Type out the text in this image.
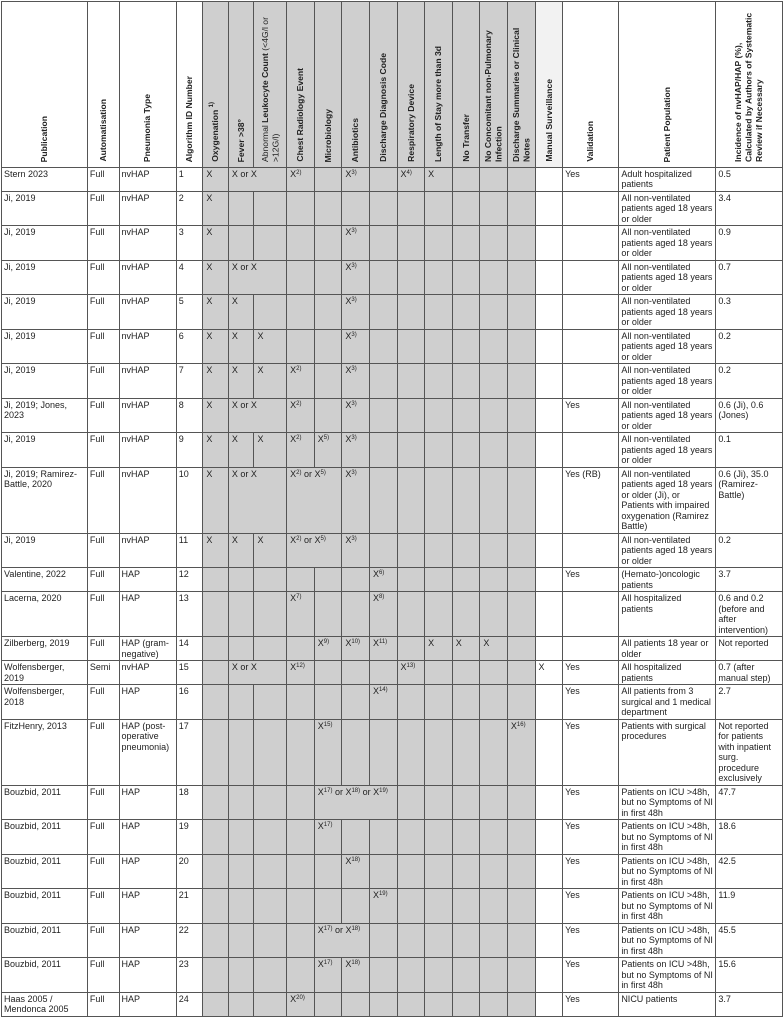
Publication	Automatisation	Pneumonia Type	Algorithm ID Number	Oxygenation $^{1)}$	Fever >38°	Abnormal Leukocyte Count (<4G/l or >12G/l)	Chest Radiology Event	Microbiology	Antibiotics	Discharge Diagnosis Code	Respiratory Device	Length of Stay more than 3d	No Transfer	No Concomitant non-Pulmonary Infection	Discharge Summaries or Clinical Notes	Manual Surveillance	Validation	Patient Population	Incidence of nvHAP/HAP (%), Calculated by Authors of Systematic Review if Necessary
Stern 2023	Full	nvHAP	1	X	X or X		$X^{2)}$		$X^{3)}$		$X^{4)}$	X					Yes	Adult hospitalized patients	0.5
Ji, 2019	Full	nvHAP	2	X														All non-ventilated patients aged 18 years or older	3.4
Ji, 2019	Full	nvHAP	3	X					$X^{3)}$									All non-ventilated patients aged 18 years or older	0.9
Ji, 2019	Full	nvHAP	4	X	X or X				$X^{3)}$									All non-ventilated patients aged 18 years or older	0.7
Ji, 2019	Full	nvHAP	5	X	X				$X^{3)}$									All non-ventilated patients aged 18 years or older	0.3
Ji, 2019	Full	nvHAP	6	X	X	X			$X^{3)}$									All non-ventilated patients aged 18 years or older	0.2
Ji, 2019	Full	nvHAP	7	X	X	X	$X^{2)}$		$X^{3)}$									All non-ventilated patients aged 18 years or older	0.2
Ji, 2019; Jones, 2023	Full	nvHAP	8	X	X or X		$X^{2)}$		$X^{3)}$								Yes	All non-ventilated patients aged 18 years or older	0.6 (Ji), 0.6 (Jones)
Ji, 2019	Full	nvHAP	9	X	X	X	$X^{2)}$	$X^{5)}$	$X^{3)}$									All non-ventilated patients aged 18 years or older	0.1
Ji, 2019; Ramirez-Battle, 2020	Full	nvHAP	10	X	X or X		$X^{2)}$ or $X^{5)}$		$X^{3)}$								Yes (RB)	All non-ventilated patients aged 18 years or older (Ji), or Patients with impaired oxygenation (Ramirez Battle)	0.6 (Ji), 35.0 (Ramirez-Battle)
Ji, 2019	Full	nvHAP	11	X	X	X	$X^{2)}$ or $X^{5)}$		$X^{3)}$									All non-ventilated patients aged 18 years or older	0.2
Valentine, 2022	Full	HAP	12							$X^{6)}$							Yes	(Hemato-)oncologic patients	3.7
Lacerna, 2020	Full	HAP	13				$X^{7)}$			$X^{8)}$								All hospitalized patients	0.6 and 0.2 (before and after intervention)
Zilberberg, 2019	Full	HAP (gram-negative)	14					$X^{9)}$	$X^{10)}$	$X^{11)}$		X	X	X				All patients 18 year or older	Not reported
Wolfensberger, 2019	Semi	nvHAP	15		X or X		$X^{12)}$				$X^{13)}$					X	Yes	All hospitalized patients	0.7 (after manual step)
Wolfensberger, 2018	Full	HAP	16							$X^{14)}$							Yes	All patients from 3 surgical and 1 medical department	2.7
FitzHenry, 2013	Full	HAP (post-operative pneumonia)	17					$X^{15)}$							$X^{16)}$		Yes	Patients with surgical procedures	Not reported for patients with inpatient surg. procedure exclusively
Bouzbid, 2011	Full	HAP	18					$X^{17)}$ or $X^{18)}$ or $X^{19)}$									Yes	Patients on ICU >48h, but no Symptoms of NI in first 48h	47.7
Bouzbid, 2011	Full	HAP	19					$X^{17)}$									Yes	Patients on ICU >48h, but no Symptoms of NI in first 48h	18.6
Bouzbid, 2011	Full	HAP	20						$X^{18)}$								Yes	Patients on ICU >48h, but no Symptoms of NI in first 48h	42.5
Bouzbid, 2011	Full	HAP	21							$X^{19)}$							Yes	Patients on ICU >48h, but no Symptoms of NI in first 48h	11.9
Bouzbid, 2011	Full	HAP	22					$X^{17)}$ or $X^{18)}$									Yes	Patients on ICU >48h, but no Symptoms of NI in first 48h	45.5
Bouzbid, 2011	Full	HAP	23					$X^{17)}$	$X^{18)}$								Yes	Patients on ICU >48h, but no Symptoms of NI in first 48h	15.6
Haas 2005 / Mendonca 2005	Full	HAP	24				$X^{20)}$										Yes	NICU patients	3.7
